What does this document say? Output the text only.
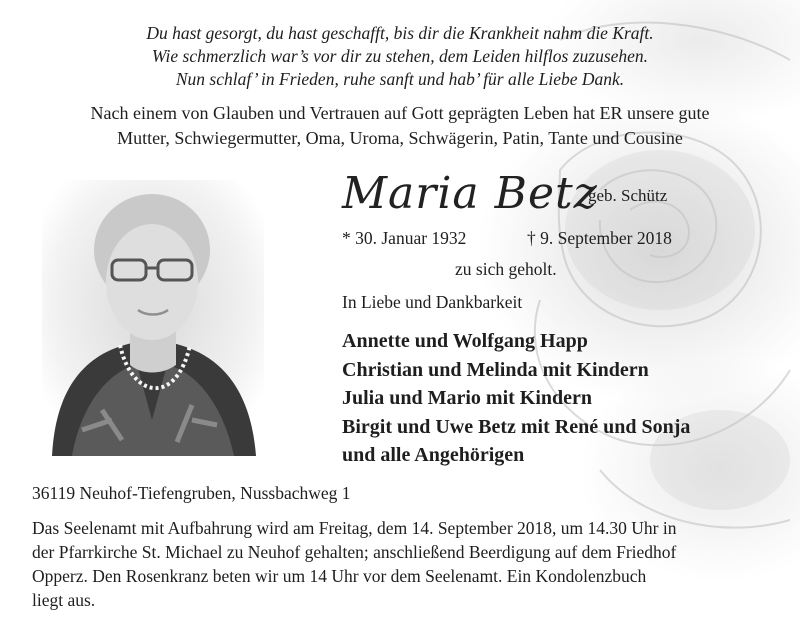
Du hast gesorgt, du hast geschafft, bis dir die Krankheit nahm die Kraft.
Wie schmerzlich war’s vor dir zu stehen, dem Leiden hilflos zuzusehen.
Nun schlaf’ in Frieden, ruhe sanft und hab’ für alle Liebe Dank.
Nach einem von Glauben und Vertrauen auf Gott geprägten Leben hat ER unsere gute
Mutter, Schwiegermutter, Oma, Uroma, Schwägerin, Patin, Tante und Cousine
Maria Betz
geb. Schütz
* 30. Januar 1932	† 9. September 2018
zu sich geholt.
In Liebe und Dankbarkeit
Annette und Wolfgang Happ
Christian und Melinda mit Kindern
Julia und Mario mit Kindern
Birgit und Uwe Betz mit René und Sonja
und alle Angehörigen
36119 Neuhof-Tiefengruben, Nussbachweg 1
Das Seelenamt mit Aufbahrung wird am Freitag, dem 14. September 2018, um 14.30 Uhr in
der Pfarrkirche St. Michael zu Neuhof gehalten; anschließend Beerdigung auf dem Friedhof
Opperz. Den Rosenkranz beten wir um 14 Uhr vor dem Seelenamt. Ein Kondolenzbuch
liegt aus.
